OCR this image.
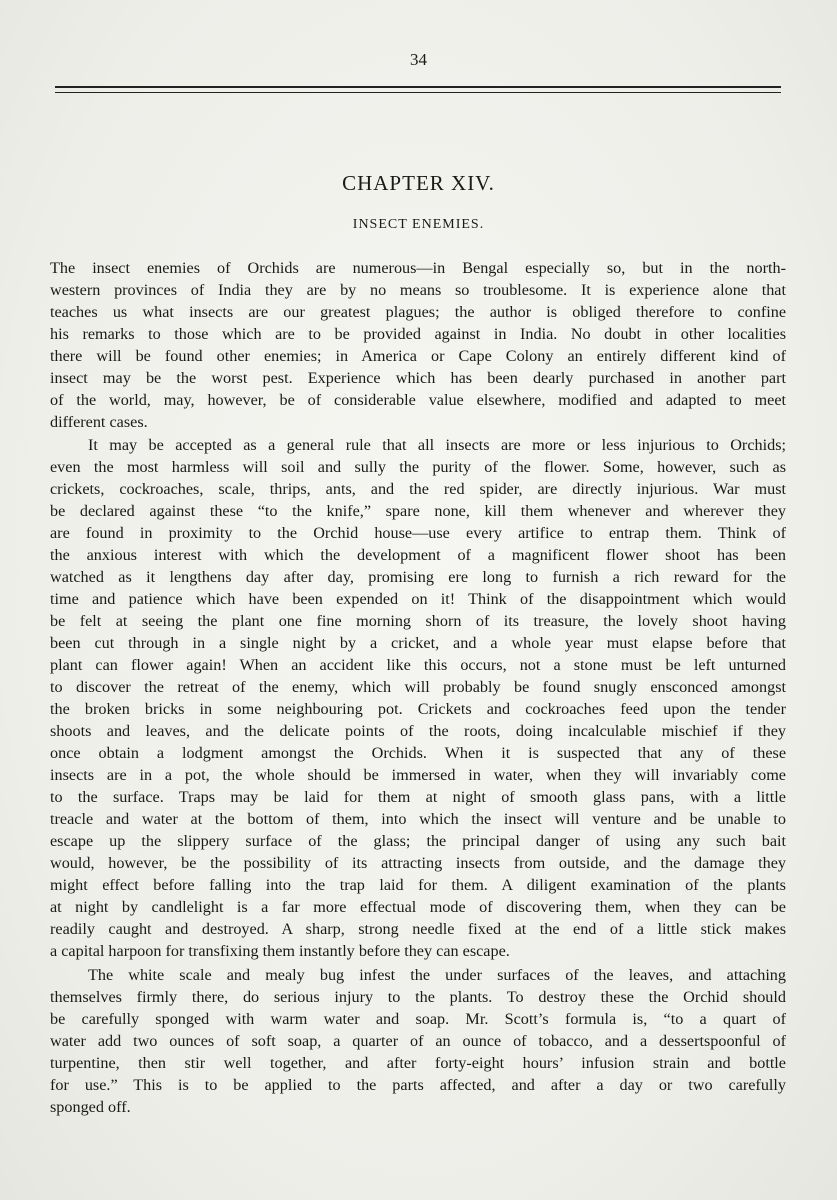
34
CHAPTER XIV.
INSECT ENEMIES.
The insect enemies of Orchids are numerous—in Bengal especially so, but in the north-
western provinces of India they are by no means so troublesome. It is experience alone that
teaches us what insects are our greatest plagues; the author is obliged therefore to confine
his remarks to those which are to be provided against in India. No doubt in other localities
there will be found other enemies; in America or Cape Colony an entirely different kind of
insect may be the worst pest. Experience which has been dearly purchased in another part
of the world, may, however, be of considerable value elsewhere, modified and adapted to meet
different cases.
It may be accepted as a general rule that all insects are more or less injurious to Orchids;
even the most harmless will soil and sully the purity of the flower. Some, however, such as
crickets, cockroaches, scale, thrips, ants, and the red spider, are directly injurious. War must
be declared against these “to the knife,” spare none, kill them whenever and wherever they
are found in proximity to the Orchid house—use every artifice to entrap them. Think of
the anxious interest with which the development of a magnificent flower shoot has been
watched as it lengthens day after day, promising ere long to furnish a rich reward for the
time and patience which have been expended on it! Think of the disappointment which would
be felt at seeing the plant one fine morning shorn of its treasure, the lovely shoot having
been cut through in a single night by a cricket, and a whole year must elapse before that
plant can flower again! When an accident like this occurs, not a stone must be left unturned
to discover the retreat of the enemy, which will probably be found snugly ensconced amongst
the broken bricks in some neighbouring pot. Crickets and cockroaches feed upon the tender
shoots and leaves, and the delicate points of the roots, doing incalculable mischief if they
once obtain a lodgment amongst the Orchids. When it is suspected that any of these
insects are in a pot, the whole should be immersed in water, when they will invariably come
to the surface. Traps may be laid for them at night of smooth glass pans, with a little
treacle and water at the bottom of them, into which the insect will venture and be unable to
escape up the slippery surface of the glass; the principal danger of using any such bait
would, however, be the possibility of its attracting insects from outside, and the damage they
might effect before falling into the trap laid for them. A diligent examination of the plants
at night by candlelight is a far more effectual mode of discovering them, when they can be
readily caught and destroyed. A sharp, strong needle fixed at the end of a little stick makes
a capital harpoon for transfixing them instantly before they can escape.
The white scale and mealy bug infest the under surfaces of the leaves, and attaching
themselves firmly there, do serious injury to the plants. To destroy these the Orchid should
be carefully sponged with warm water and soap. Mr. Scott’s formula is, “to a quart of
water add two ounces of soft soap, a quarter of an ounce of tobacco, and a dessertspoonful of
turpentine, then stir well together, and after forty-eight hours’ infusion strain and bottle
for use.” This is to be applied to the parts affected, and after a day or two carefully
sponged off.
